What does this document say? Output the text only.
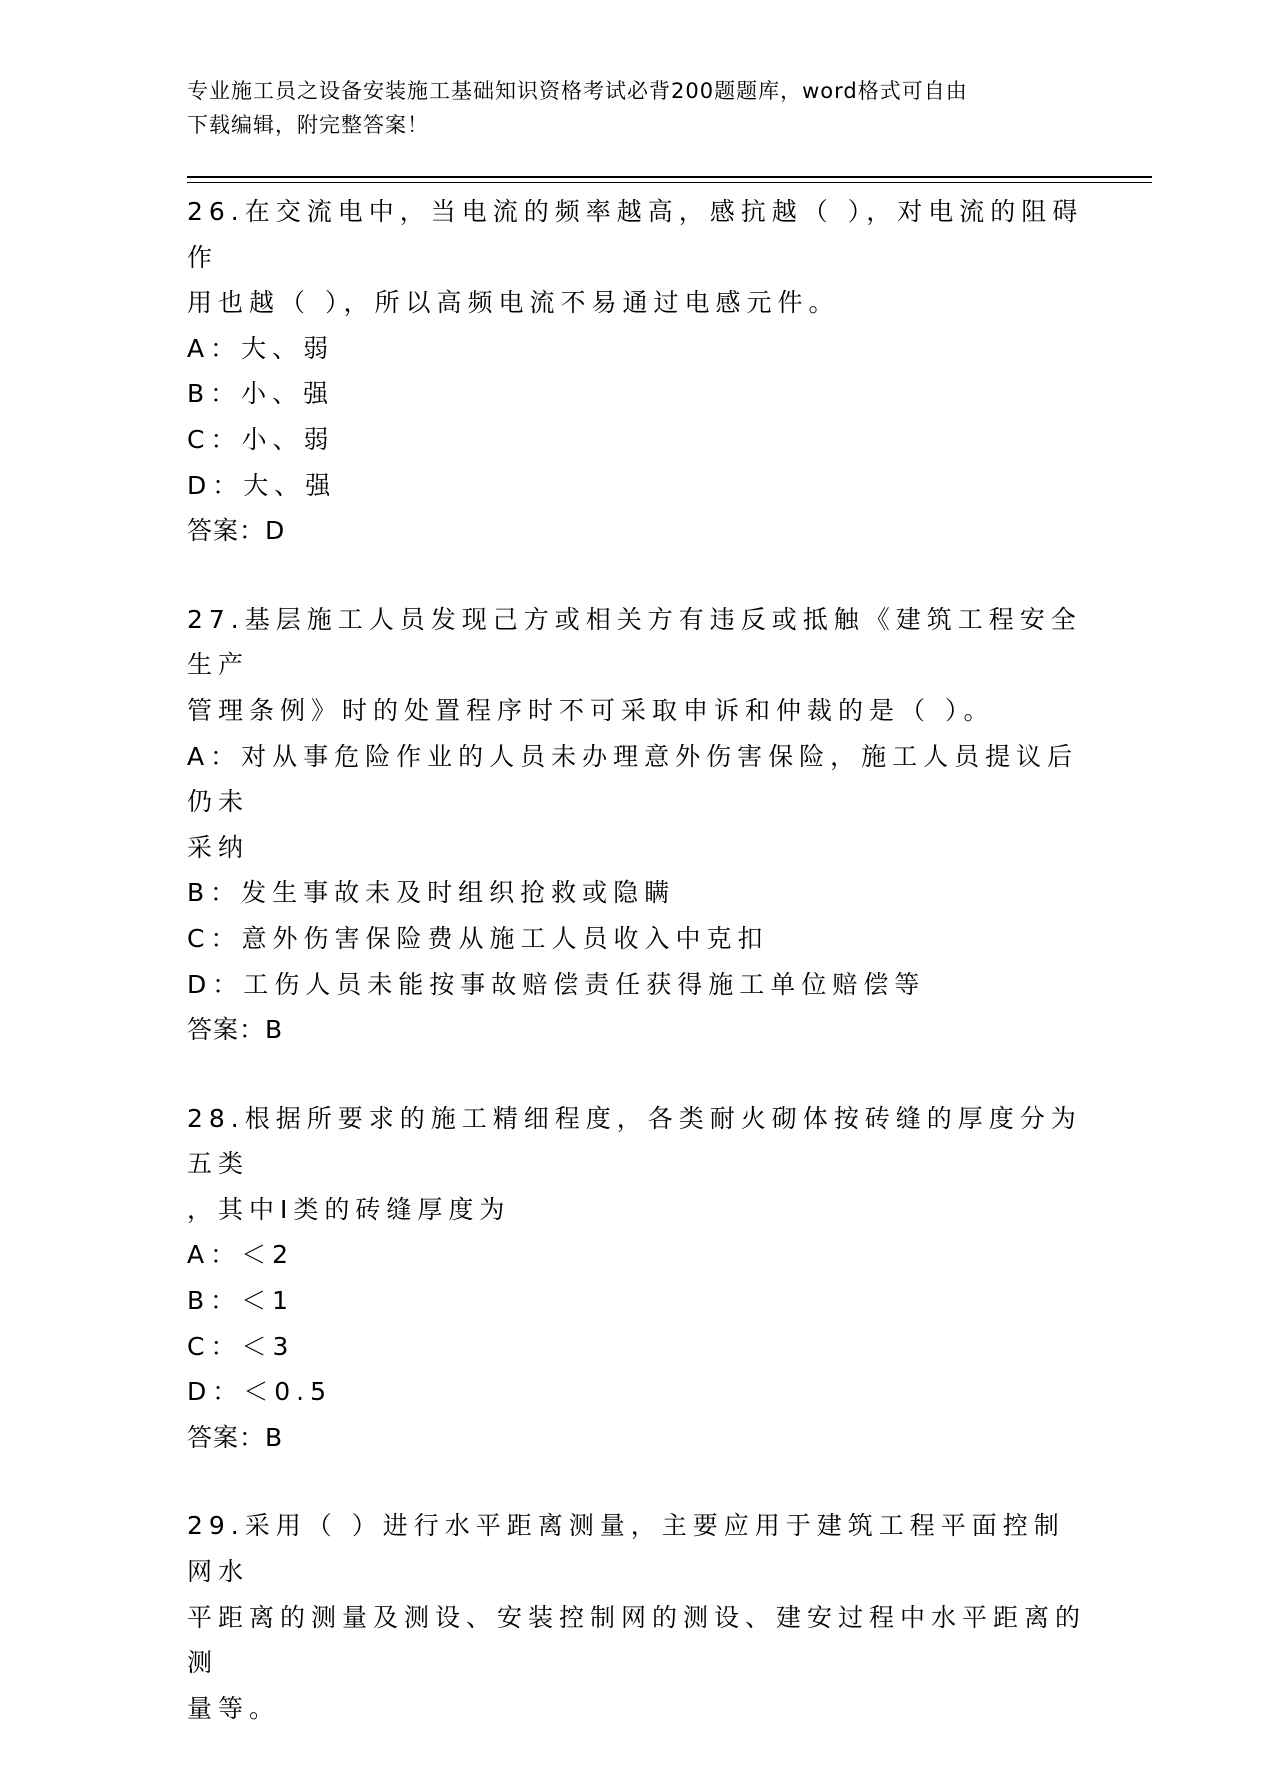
专业施工员之设备安装施工基础知识资格考试必背200题题库，word格式可自由
下载编辑，附完整答案！
26.在交流电中，当电流的频率越高，感抗越（ ），对电流的阻碍作
用也越（ ），所以高频电流不易通过电感元件。
A：大、弱
B：小、强
C：小、弱
D：大、强
答案：D
27.基层施工人员发现己方或相关方有违反或抵触《建筑工程安全生产
管理条例》时的处置程序时不可采取申诉和仲裁的是（ ）。
A：对从事危险作业的人员未办理意外伤害保险，施工人员提议后仍未
采纳
B：发生事故未及时组织抢救或隐瞒
C：意外伤害保险费从施工人员收入中克扣
D：工伤人员未能按事故赔偿责任获得施工单位赔偿等
答案：B
28.根据所要求的施工精细程度，各类耐火砌体按砖缝的厚度分为五类
，其中I类的砖缝厚度为
A：＜2
B：＜1
C：＜3
D：＜0.5
答案：B
29.采用（ ）进行水平距离测量，主要应用于建筑工程平面控制网水
平距离的测量及测设、安装控制网的测设、建安过程中水平距离的测
量等。
